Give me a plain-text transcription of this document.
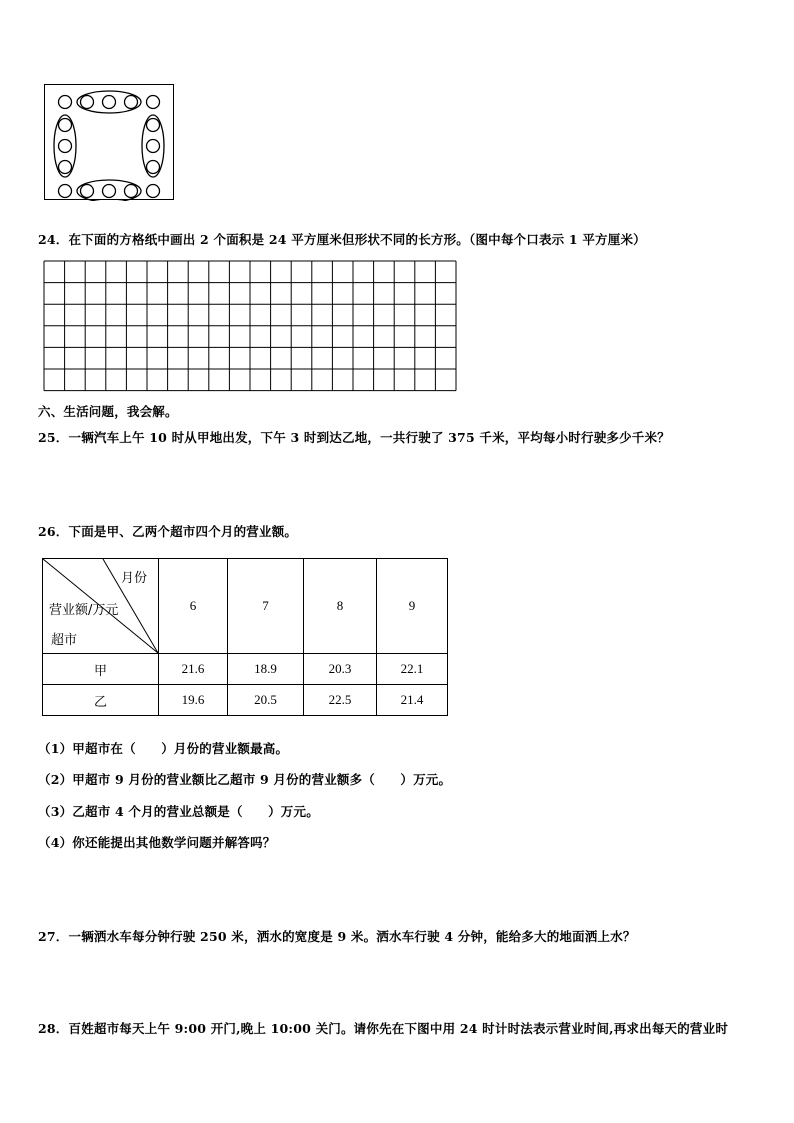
24．在下面的方格纸中画出 2 个面积是 24 平方厘米但形状不同的长方形。（图中每个口表示 1 平方厘米）
六、生活问题，我会解。
25．一辆汽车上午 10 时从甲地出发，下午 3 时到达乙地，一共行驶了 375 千米，平均每小时行驶多少千米？
26．下面是甲、乙两个超市四个月的营业额。
月份
营业额/万元
超市	6	7	8	9
甲	21.6	18.9	20.3	22.1
乙	19.6	20.5	22.5	21.4
（1）甲超市在（　　）月份的营业额最高。
（2）甲超市 9 月份的营业额比乙超市 9 月份的营业额多（　　）万元。
（3）乙超市 4 个月的营业总额是（　　）万元。
（4）你还能提出其他数学问题并解答吗？
27．一辆洒水车每分钟行驶 250 米，洒水的宽度是 9 米。洒水车行驶 4 分钟，能给多大的地面洒上水？
28．百姓超市每天上午 9:00 开门,晚上 10:00 关门。请你先在下图中用 24 时计时法表示营业时间,再求出每天的营业时
